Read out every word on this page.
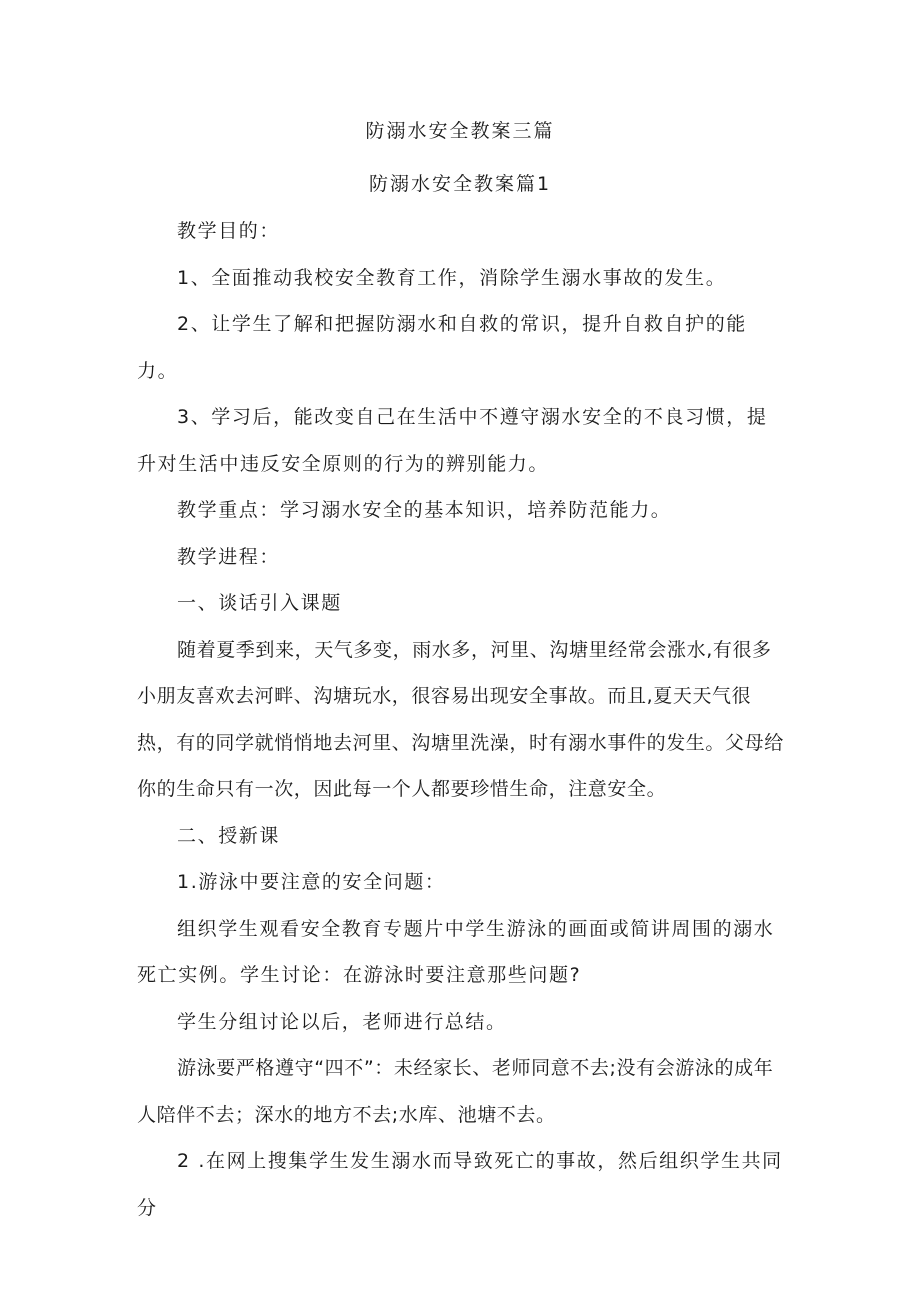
防溺水安全教案三篇
防溺水安全教案篇1

教学目的：

1、全面推动我校安全教育工作，消除学生溺水事故的发生。

2、让学生了解和把握防溺水和自救的常识，提升自救自护的能力。

3、学习后，能改变自己在生活中不遵守溺水安全的不良习惯，提升对生活中违反安全原则的行为的辨别能力。

教学重点：学习溺水安全的基本知识，培养防范能力。

教学进程：

一、谈话引入课题

随着夏季到来，天气多变，雨水多，河里、沟塘里经常会涨水,有很多小朋友喜欢去河畔、沟塘玩水，很容易出现安全事故。而且,夏天天气很热，有的同学就悄悄地去河里、沟塘里洗澡，时有溺水事件的发生。父母给你的生命只有一次，因此每一个人都要珍惜生命，注意安全。

二、授新课

1.游泳中要注意的安全问题：

组织学生观看安全教育专题片中学生游泳的画面或简讲周围的溺水死亡实例。学生讨论：在游泳时要注意那些问题?

学生分组讨论以后，老师进行总结。

游泳要严格遵守“四不”：未经家长、老师同意不去;没有会游泳的成年人陪伴不去；深水的地方不去;水库、池塘不去。

2 .在网上搜集学生发生溺水而导致死亡的事故，然后组织学生共同分
